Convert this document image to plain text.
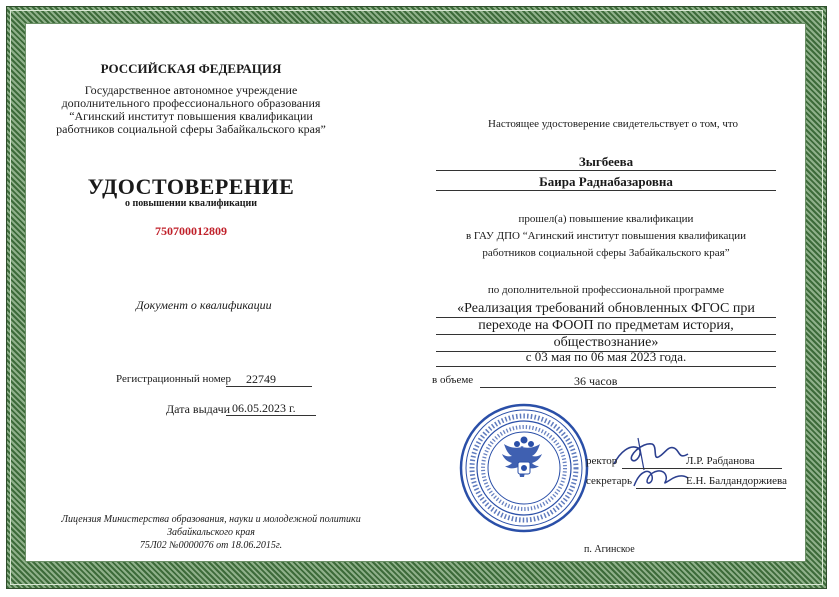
РОССИЙСКАЯ ФЕДЕРАЦИЯ
Государственное автономное учреждение
дополнительного профессионального образования
“Агинский институт повышения квалификации
работников социальной сферы Забайкальского края”
УДОСТОВЕРЕНИЕ
о повышении квалификации
750700012809
Документ о квалификации
Регистрационный номер 22749
Дата выдачи 06.05.2023 г.
Лицензия Министерства образования, науки и молодежной политики
Забайкальского края
75Л02 №0000076 от 18.06.2015г.
Настоящее удостоверение свидетельствует о том, что
Зыгбеева
Баира Раднабазаровна
прошел(а) повышение квалификации
в ГАУ ДПО “Агинский институт повышения квалификации
работников социальной сферы Забайкальского края”
по дополнительной профессиональной программе
«Реализация требований обновленных ФГОС при
переходе на ФООП по предметам история,
обществознание»
с 03 мая по 06 мая 2023 года.
в объеме	36 часов
ректор	Л.Р. Рабданова
секретарь	Е.Н. Балдандоржиева
п. Агинское
